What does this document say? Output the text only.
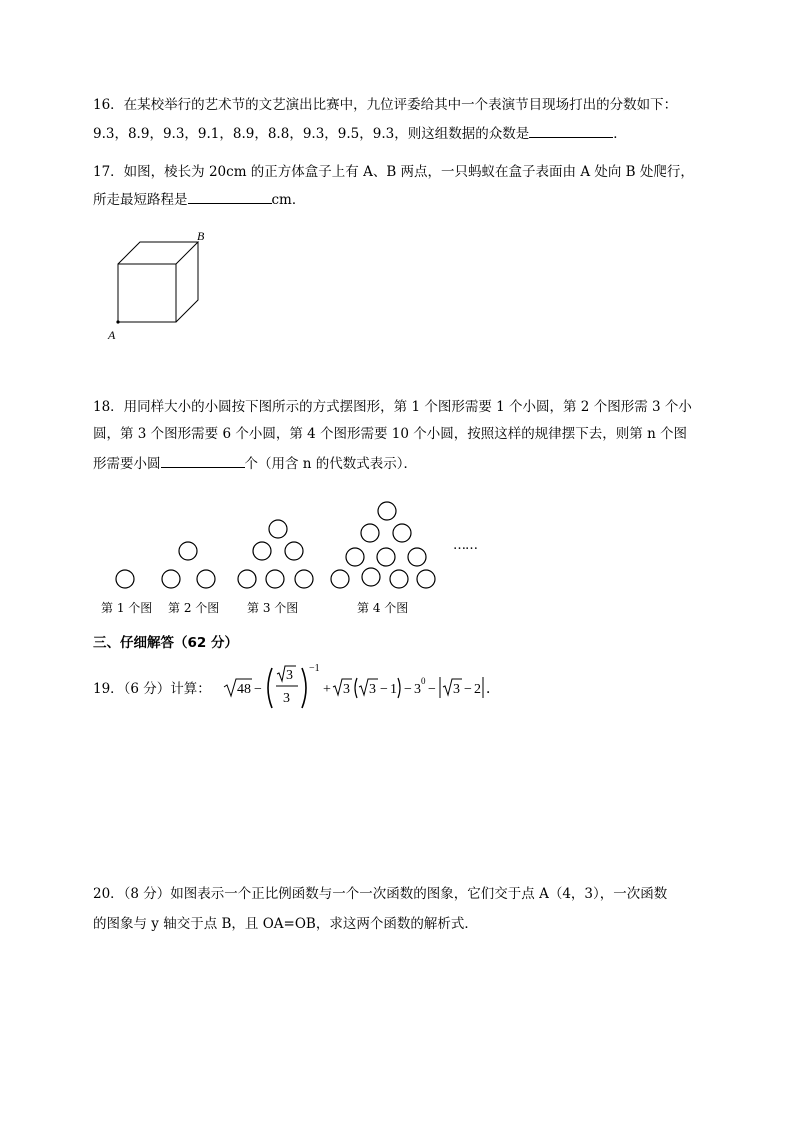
16．在某校举行的艺术节的文艺演出比赛中，九位评委给其中一个表演节目现场打出的分数如下：
9.3，8.9，9.3，9.1，8.9，8.8，9.3，9.5，9.3，则这组数据的众数是	．
17．如图，棱长为 20cm 的正方体盒子上有 A、B 两点，一只蚂蚁在盒子表面由 A 处向 B 处爬行，
所走最短路程是	cm．
A
B
18．用同样大小的小圆按下图所示的方式摆图形，第 1 个图形需要 1 个小圆，第 2 个图形需 3 个小
圆，第 3 个图形需要 6 个小圆，第 4 个图形需要 10 个小圆，按照这样的规律摆下去，则第 n 个图
形需要小圆	个（用含 n 的代数式表示）．
……
第 1 个图 第 2 个图 第 3 个图	第 4 个图
三、仔细解答（62 分）
19．（6 分）计算： 48 −
3
3
−1
+ 3 3 − 1 − 3
0
− 3 − 2 ．
20．（8 分）如图表示一个正比例函数与一个一次函数的图象，它们交于点 A（4，3），一次函数
的图象与 y 轴交于点 B，且 OA=OB，求这两个函数的解析式．
